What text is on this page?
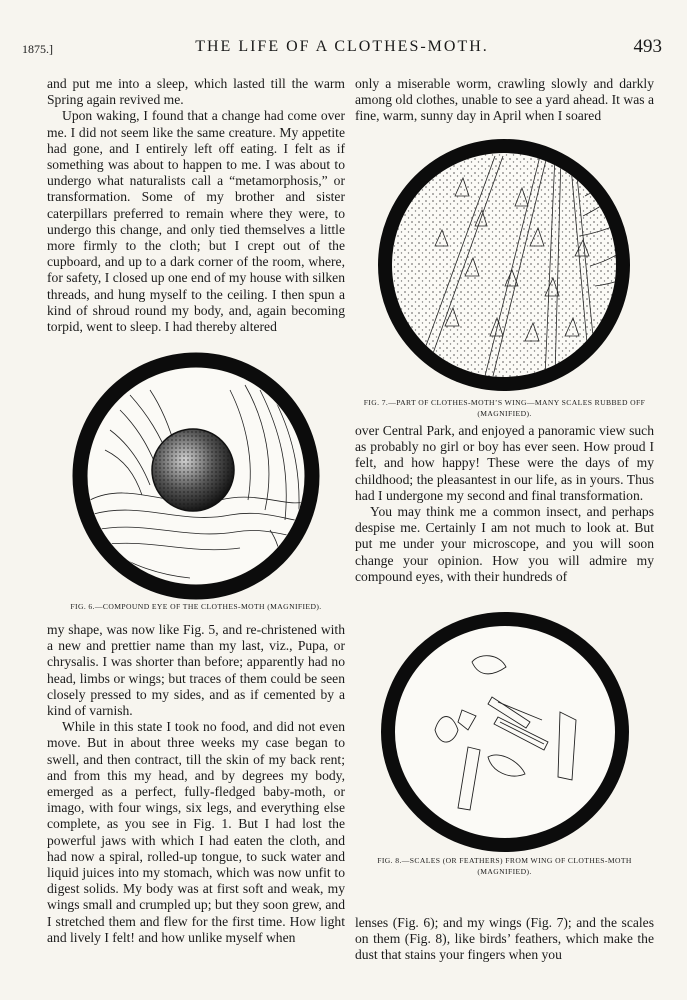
1875.]	THE LIFE OF A CLOTHES-MOTH.	493

and put me into a sleep, which lasted till the warm Spring again revived me.

Upon waking, I found that a change had come over me. I did not seem like the same creature. My appetite had gone, and I entirely left off eating. I felt as if something was about to happen to me. I was about to undergo what naturalists call a “metamorphosis,” or transformation. Some of my brother and sister caterpillars preferred to remain where they were, to undergo this change, and only tied themselves a little more firmly to the cloth; but I crept out of the cupboard, and up to a dark corner of the room, where, for safety, I closed up one end of my house with silken threads, and hung myself to the ceiling. I then spun a kind of shroud round my body, and, again becoming torpid, went to sleep. I had thereby altered

FIG. 6.—COMPOUND EYE OF THE CLOTHES-MOTH (MAGNIFIED).

my shape, was now like Fig. 5, and re-christened with a new and prettier name than my last, viz., Pupa, or chrysalis. I was shorter than before; apparently had no head, limbs or wings; but traces of them could be seen closely pressed to my sides, and as if cemented by a kind of varnish.

While in this state I took no food, and did not even move. But in about three weeks my case began to swell, and then contract, till the skin of my back rent; and from this my head, and by degrees my body, emerged as a perfect, fully-fledged baby-moth, or imago, with four wings, six legs, and everything else complete, as you see in Fig. 1. But I had lost the powerful jaws with which I had eaten the cloth, and had now a spiral, rolled-up tongue, to suck water and liquid juices into my stomach, which was now unfit to digest solids. My body was at first soft and weak, my wings small and crumpled up; but they soon grew, and I stretched them and flew for the first time. How light and lively I felt! and how unlike myself when

only a miserable worm, crawling slowly and darkly among old clothes, unable to see a yard ahead. It was a fine, warm, sunny day in April when I soared

FIG. 7.—PART OF CLOTHES-MOTH’S WING—MANY SCALES RUBBED OFF (MAGNIFIED).

over Central Park, and enjoyed a panoramic view such as probably no girl or boy has ever seen. How proud I felt, and how happy! These were the days of my childhood; the pleasantest in our life, as in yours. Thus had I undergone my second and final transformation.

You may think me a common insect, and perhaps despise me. Certainly I am not much to look at. But put me under your microscope, and you will soon change your opinion. How you will admire my compound eyes, with their hundreds of

FIG. 8.—SCALES (OR FEATHERS) FROM WING OF CLOTHES-MOTH (MAGNIFIED).

lenses (Fig. 6); and my wings (Fig. 7); and the scales on them (Fig. 8), like birds’ feathers, which make the dust that stains your fingers when you
